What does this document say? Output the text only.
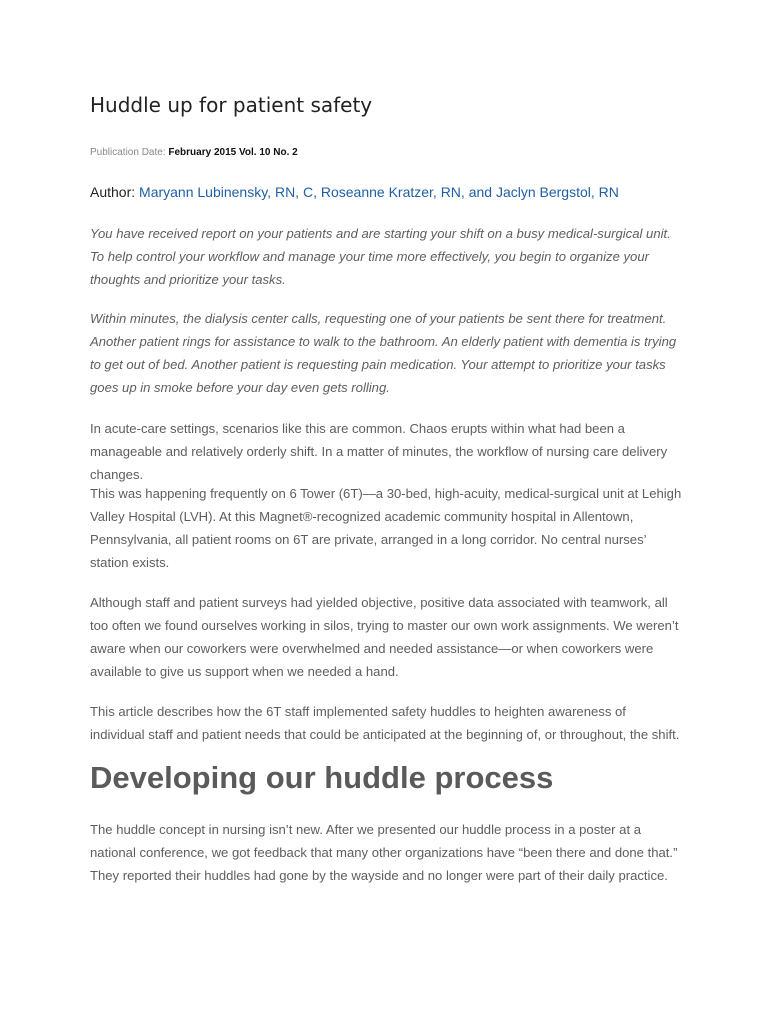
Huddle up for patient safety
Publication Date: February 2015 Vol. 10 No. 2
Author: Maryann Lubinensky, RN, C, Roseanne Kratzer, RN, and Jaclyn Bergstol, RN

You have received report on your patients and are starting your shift on a busy medical-surgical unit. To help control your workflow and manage your time more effectively, you begin to organize your thoughts and prioritize your tasks.

Within minutes, the dialysis center calls, requesting one of your patients be sent there for treatment. Another patient rings for assistance to walk to the bathroom. An elderly patient with dementia is trying to get out of bed. Another patient is requesting pain medication. Your attempt to prioritize your tasks goes up in smoke before your day even gets rolling.

In acute-care settings, scenarios like this are common. Chaos erupts within what had been a manageable and relatively orderly shift. In a matter of minutes, the workflow of nursing care delivery changes.

This was happening frequently on 6 Tower (6T)—a 30-bed, high-acuity, medical-surgical unit at Lehigh Valley Hospital (LVH). At this Magnet®-recognized academic community hospital in Allentown, Pennsylvania, all patient rooms on 6T are private, arranged in a long corridor. No central nurses’ station exists.

Although staff and patient surveys had yielded objective, positive data associated with teamwork, all too often we found ourselves working in silos, trying to master our own work assignments. We weren’t aware when our coworkers were overwhelmed and needed assistance—or when coworkers were available to give us support when we needed a hand.

This article describes how the 6T staff implemented safety huddles to heighten awareness of individual staff and patient needs that could be anticipated at the beginning of, or throughout, the shift.

Developing our huddle process

The huddle concept in nursing isn’t new. After we presented our huddle process in a poster at a national conference, we got feedback that many other organizations have “been there and done that.” They reported their huddles had gone by the wayside and no longer were part of their daily practice.
